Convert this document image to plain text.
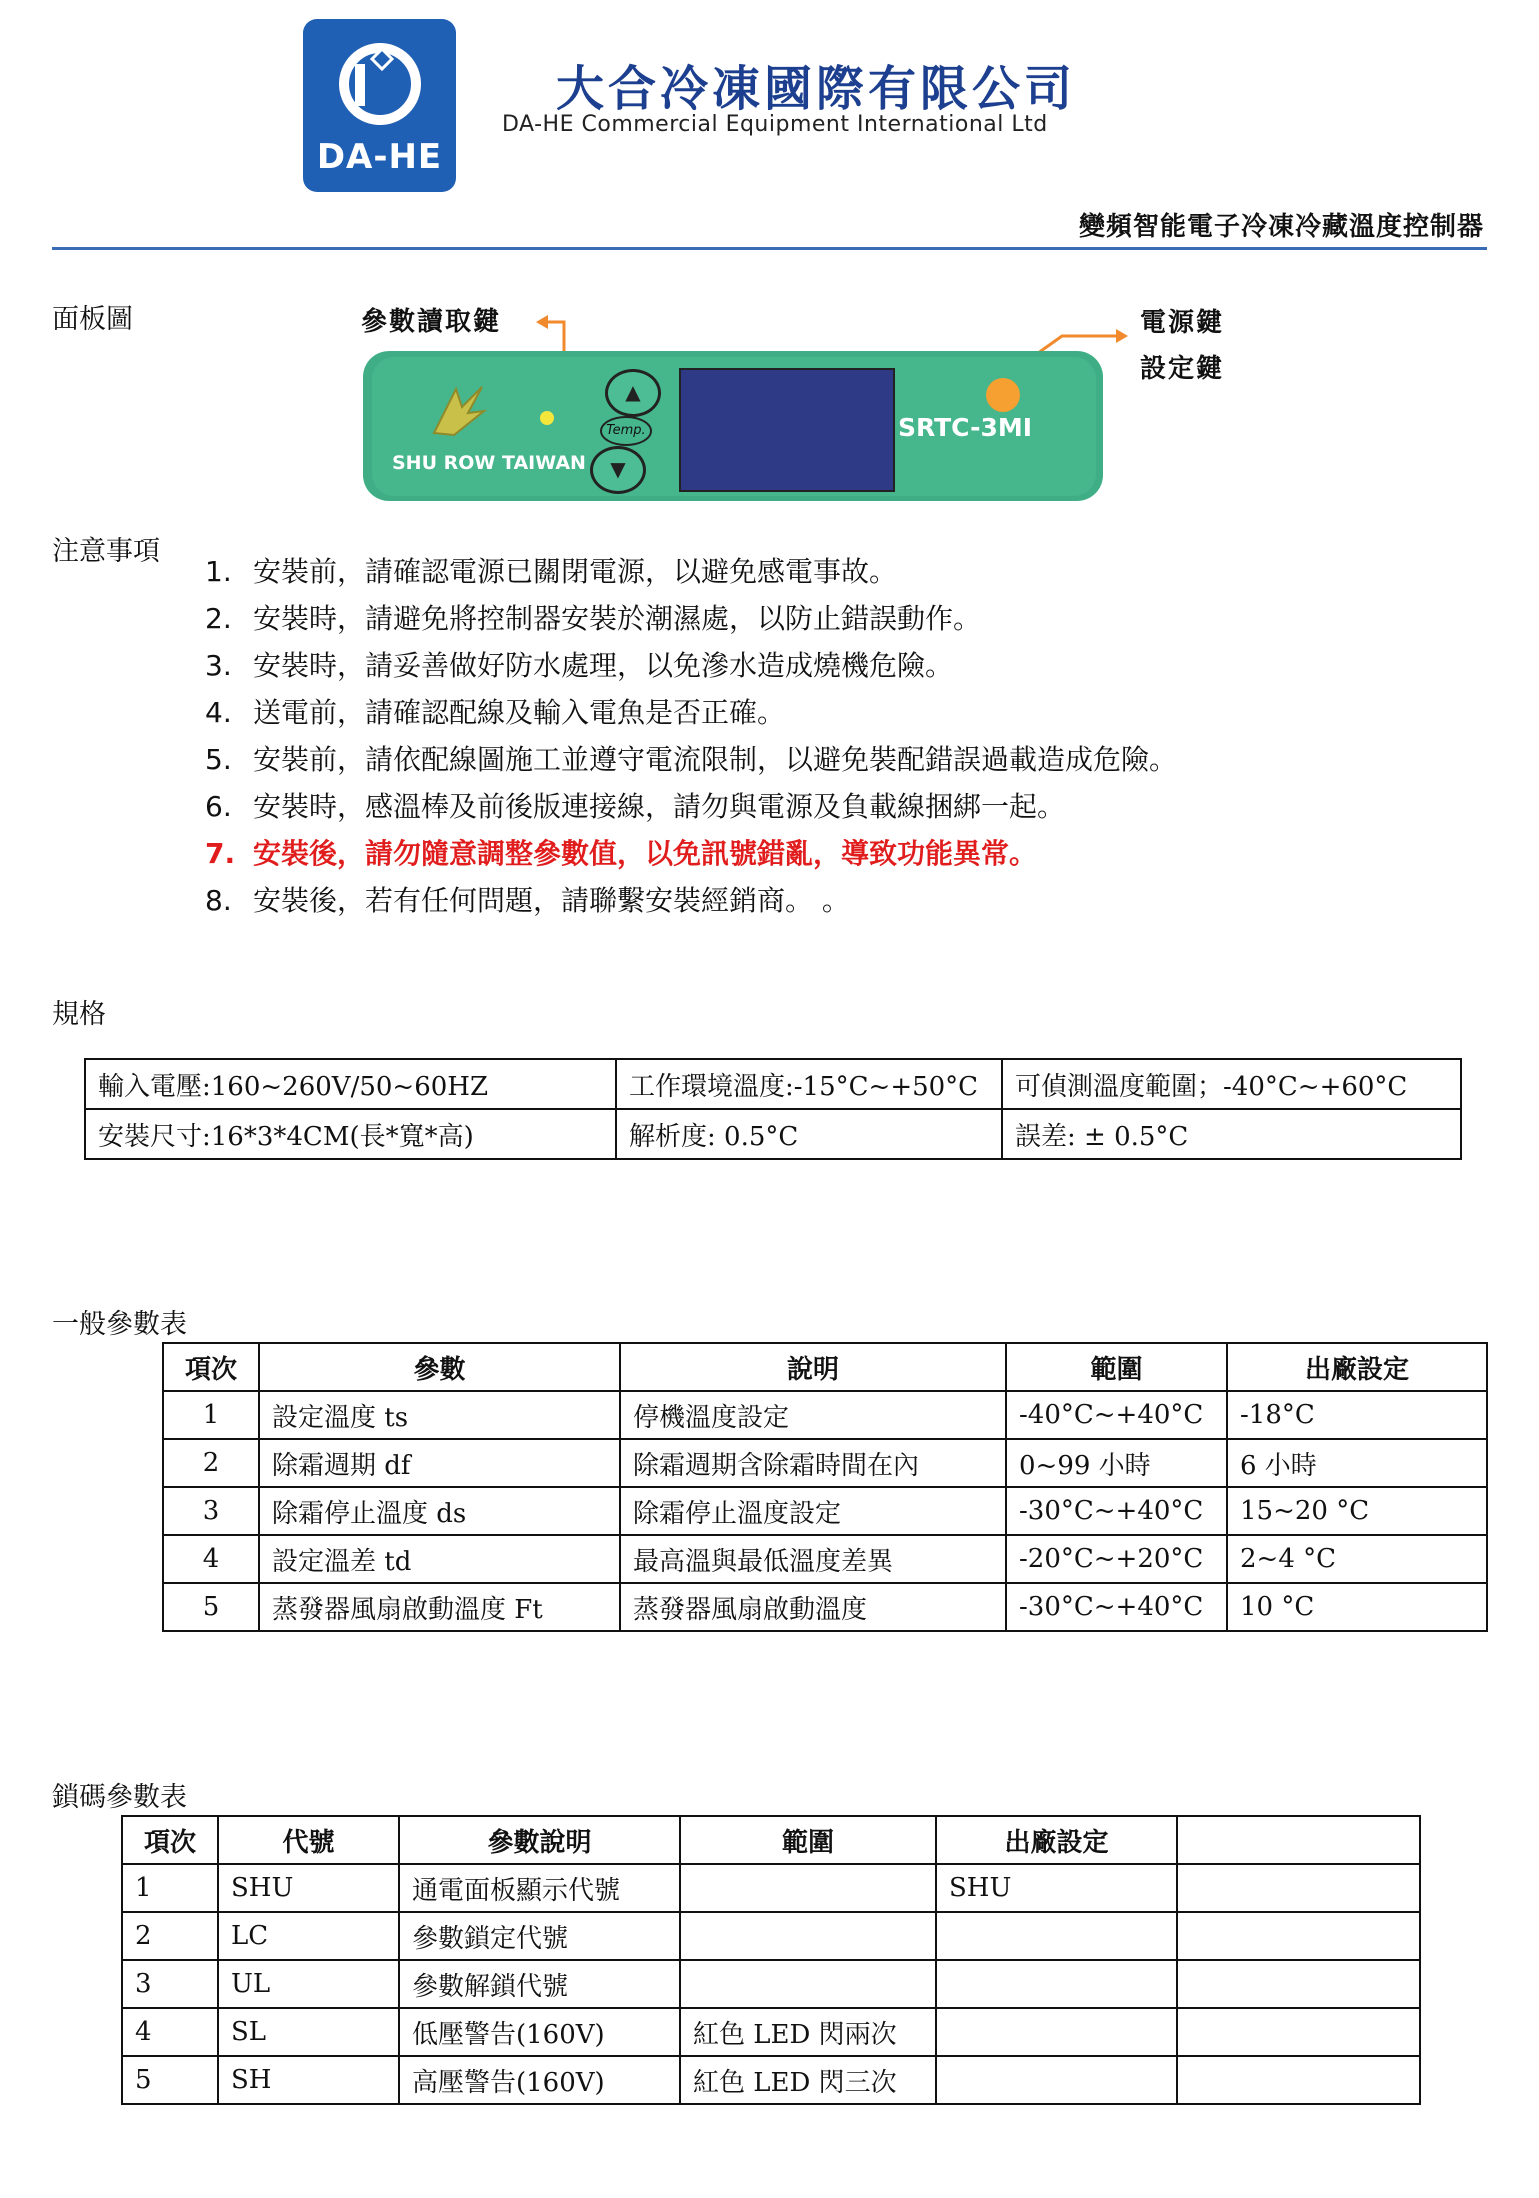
DA-HE
大合冷凍國際有限公司
DA-HE Commercial Equipment International Ltd
變頻智能電子冷凍冷藏溫度控制器
面板圖	參數讀取鍵	電源鍵
設定鍵
SHU ROW TAIWAN
▲
Temp.
▼
SRTC-3MI
注意事項
1. 安裝前，請確認電源已關閉電源，以避免感電事故。
2. 安裝時，請避免將控制器安裝於潮濕處，以防止錯誤動作。
3. 安裝時，請妥善做好防水處理，以免滲水造成燒機危險。
4. 送電前，請確認配線及輸入電魚是否正確。
5. 安裝前，請依配線圖施工並遵守電流限制，以避免裝配錯誤過載造成危險。
6. 安裝時，感溫棒及前後版連接線，請勿與電源及負載線捆綁一起。
7. 安裝後，請勿隨意調整參數值，以免訊號錯亂，導致功能異常。
8. 安裝後，若有任何問題，請聯繫安裝經銷商。 。
規格
輸入電壓:160~260V/50~60HZ	工作環境溫度:-15°C~+50°C	可偵測溫度範圍；-40°C~+60°C
安裝尺寸:16*3*4CM(長*寬*高)	解析度: 0.5°C	誤差: ± 0.5°C
一般參數表
項次	參數	說明	範圍	出廠設定
1	設定溫度 ts	停機溫度設定	-40°C~+40°C	-18°C
2	除霜週期 df	除霜週期含除霜時間在內	0~99 小時	6 小時
3	除霜停止溫度 ds	除霜停止溫度設定	-30°C~+40°C	15~20 °C
4	設定溫差 td	最高溫與最低溫度差異	-20°C~+20°C	2~4 °C
5	蒸發器風扇啟動溫度 Ft	蒸發器風扇啟動溫度	-30°C~+40°C	10 °C
鎖碼參數表
項次	代號	參數說明	範圍	出廠設定	
1	SHU	通電面板顯示代號		SHU	
2	LC	參數鎖定代號			
3	UL	參數解鎖代號			
4	SL	低壓警告(160V)	紅色 LED 閃兩次		
5	SH	高壓警告(160V)	紅色 LED 閃三次		
